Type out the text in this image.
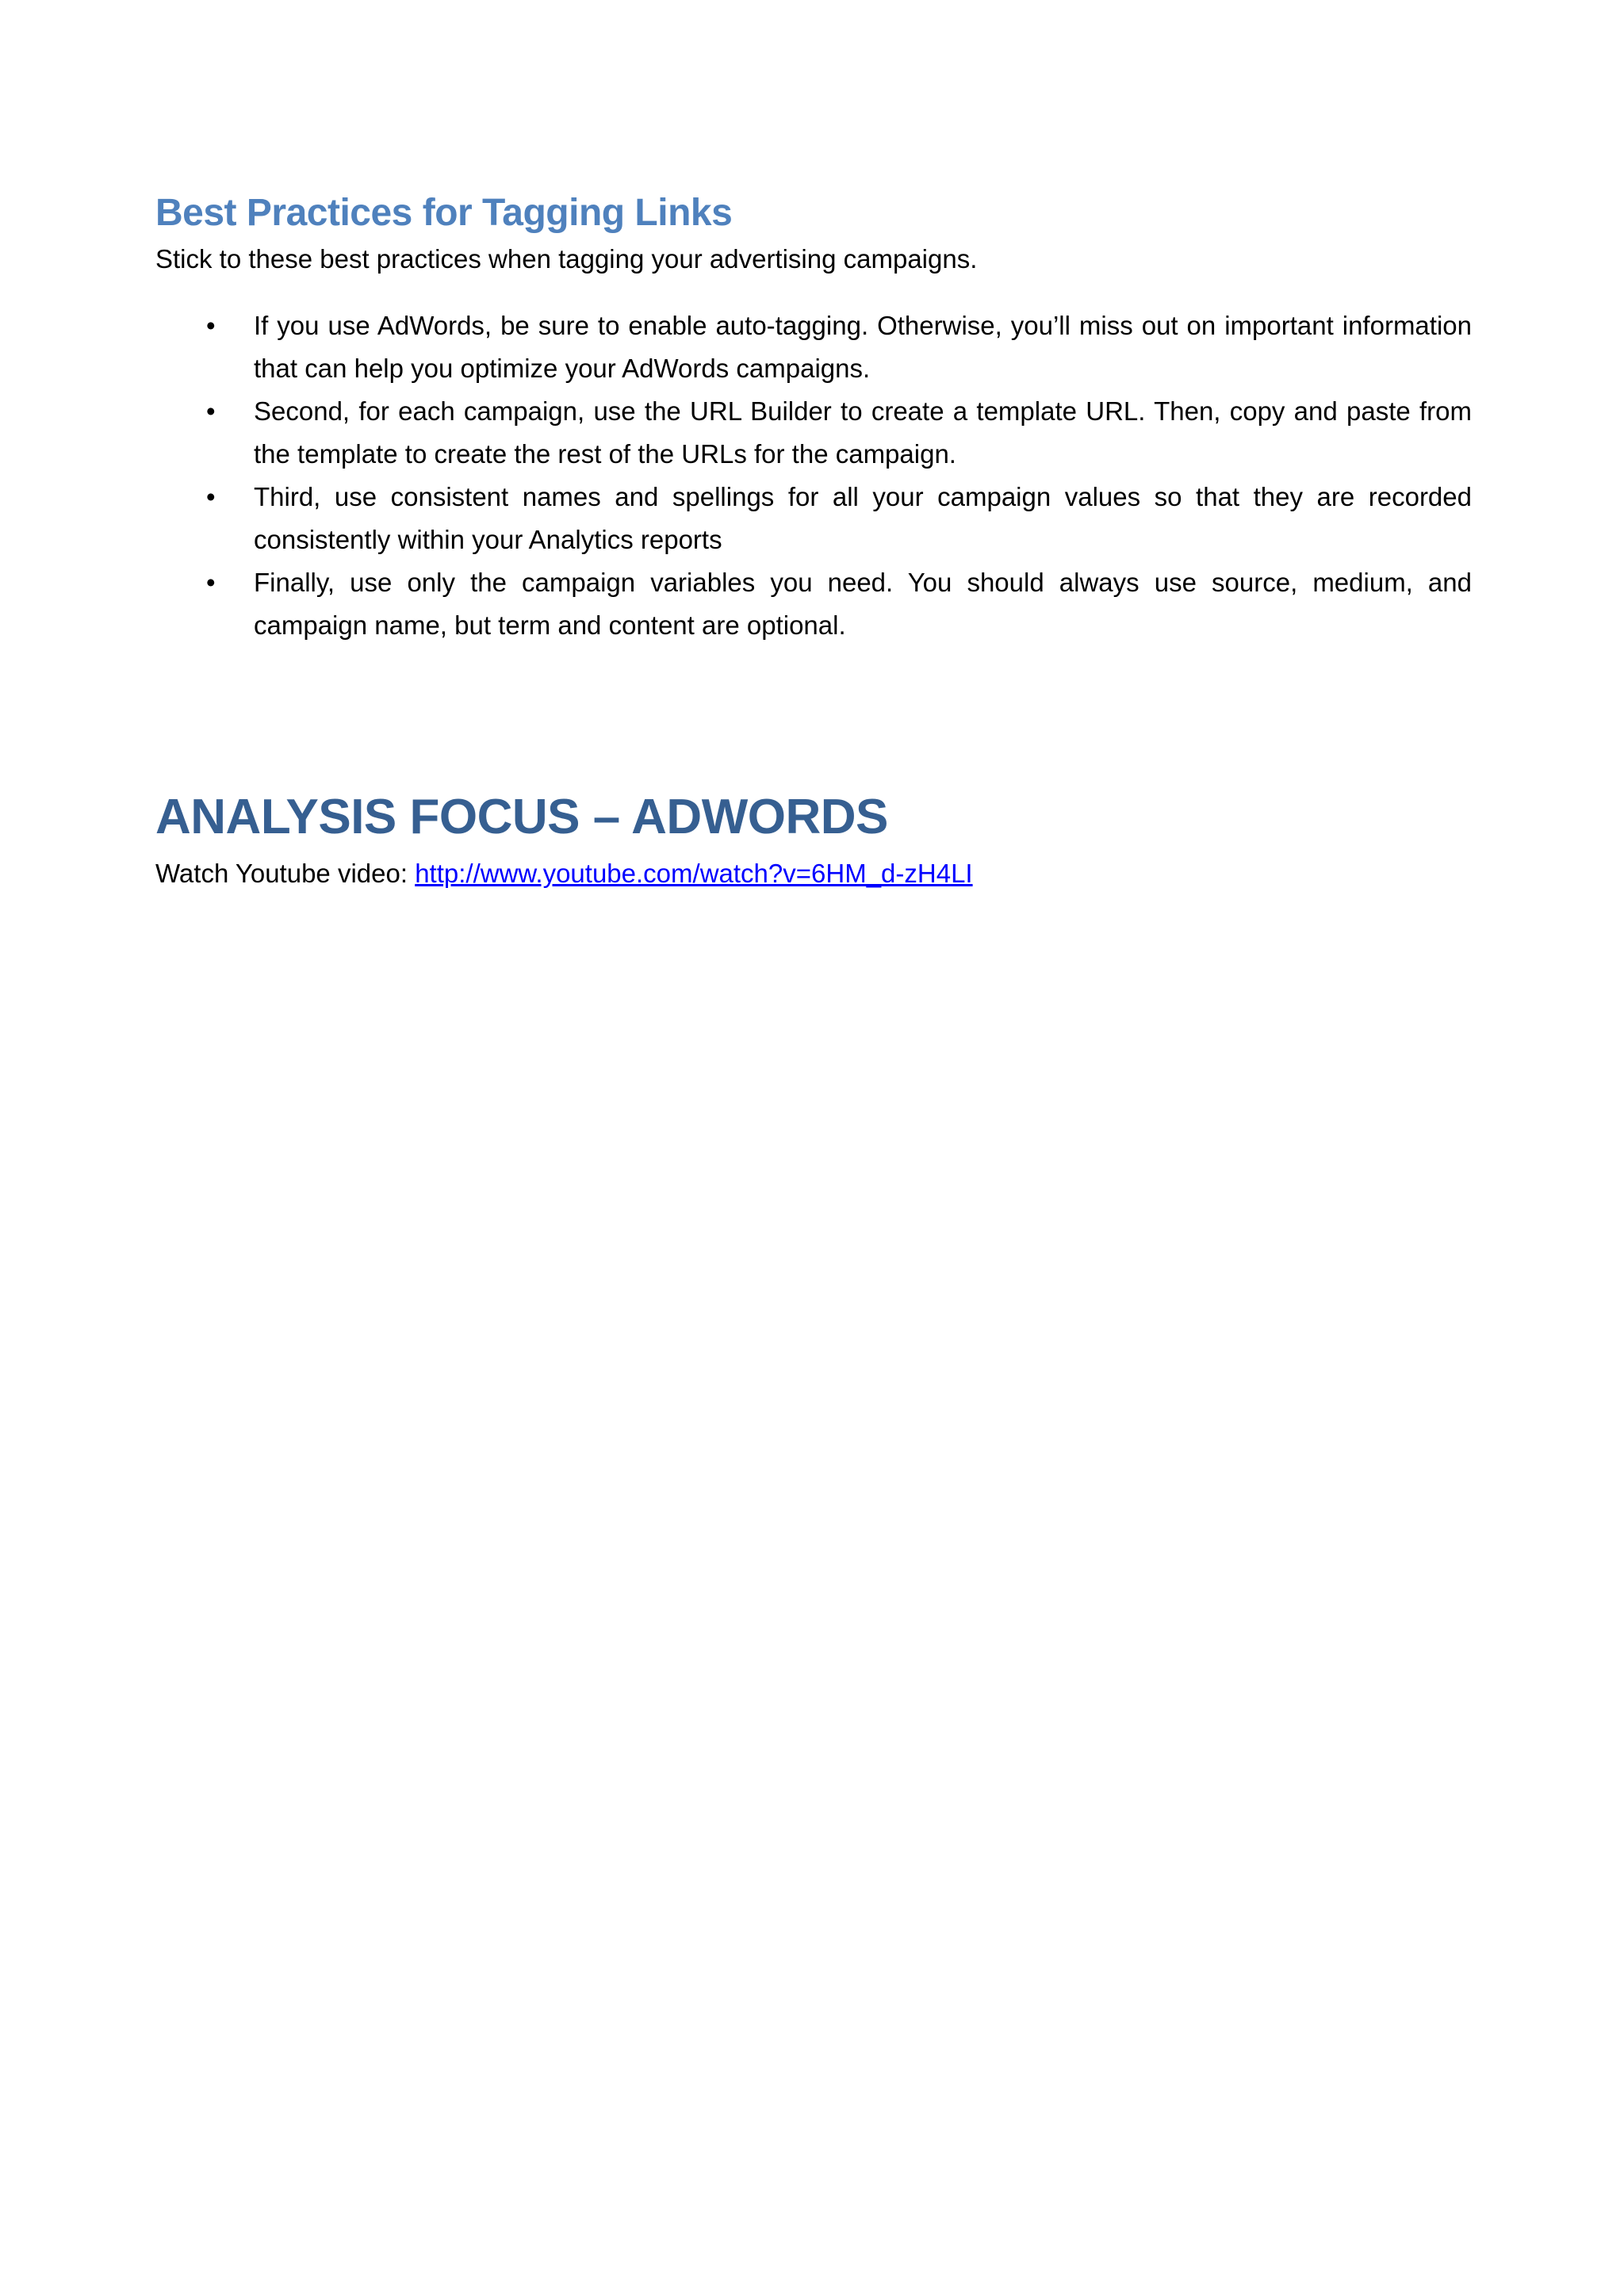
Best Practices for Tagging Links

Stick to these best practices when tagging your advertising campaigns.

• If you use AdWords, be sure to enable auto-tagging. Otherwise, you’ll miss out on important information that can help you optimize your AdWords campaigns.
• Second, for each campaign, use the URL Builder to create a template URL. Then, copy and paste from the template to create the rest of the URLs for the campaign.
• Third, use consistent names and spellings for all your campaign values so that they are recorded consistently within your Analytics reports
• Finally, use only the campaign variables you need. You should always use source, medium, and campaign name, but term and content are optional.
ANALYSIS FOCUS – ADWORDS

Watch Youtube video: http://www.youtube.com/watch?v=6HM_d-zH4LI
